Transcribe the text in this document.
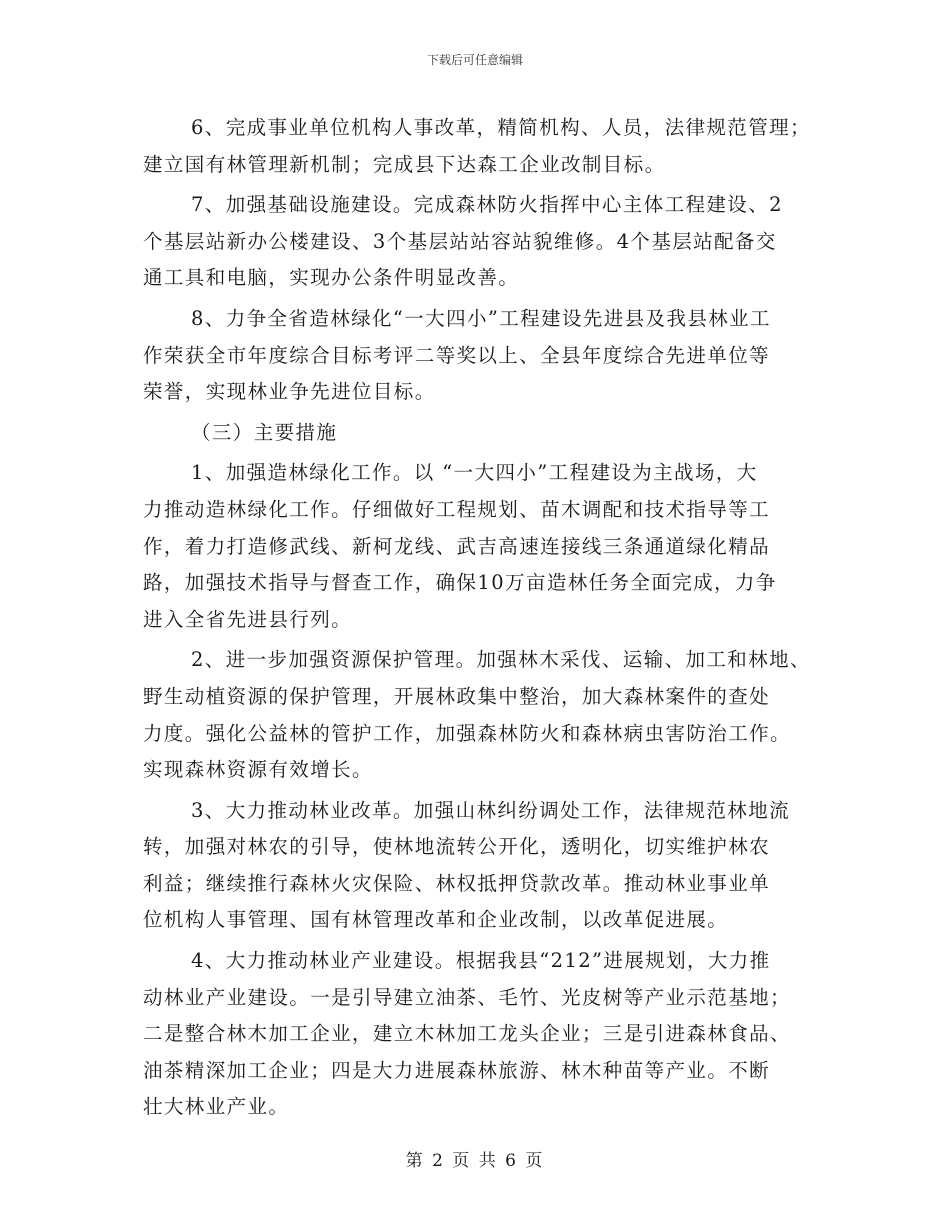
下载后可任意编辑

6、完成事业单位机构人事改革，精简机构、人员，法律规范管理；
建立国有林管理新机制；完成县下达森工企业改制目标。

7、加强基础设施建设。完成森林防火指挥中心主体工程建设、2
个基层站新办公楼建设、3个基层站站容站貌维修。4个基层站配备交
通工具和电脑，实现办公条件明显改善。

8、力争全省造林绿化“一大四小”工程建设先进县及我县林业工
作荣获全市年度综合目标考评二等奖以上、全县年度综合先进单位等
荣誉，实现林业争先进位目标。

（三）主要措施

1、加强造林绿化工作。以 “一大四小”工程建设为主战场，大
力推动造林绿化工作。仔细做好工程规划、苗木调配和技术指导等工
作，着力打造修武线、新柯龙线、武吉高速连接线三条通道绿化精品
路，加强技术指导与督查工作，确保10万亩造林任务全面完成，力争
进入全省先进县行列。

2、进一步加强资源保护管理。加强林木采伐、运输、加工和林地、
野生动植资源的保护管理，开展林政集中整治，加大森林案件的查处
力度。强化公益林的管护工作，加强森林防火和森林病虫害防治工作。
实现森林资源有效增长。

3、大力推动林业改革。加强山林纠纷调处工作，法律规范林地流
转，加强对林农的引导，使林地流转公开化，透明化，切实维护林农
利益；继续推行森林火灾保险、林权抵押贷款改革。推动林业事业单
位机构人事管理、国有林管理改革和企业改制，以改革促进展。

4、大力推动林业产业建设。根据我县“212”进展规划，大力推
动林业产业建设。一是引导建立油茶、毛竹、光皮树等产业示范基地；
二是整合林木加工企业，建立木林加工龙头企业；三是引进森林食品、
油茶精深加工企业；四是大力进展森林旅游、林木种苗等产业。不断
壮大林业产业。

第 2 页 共 6 页
